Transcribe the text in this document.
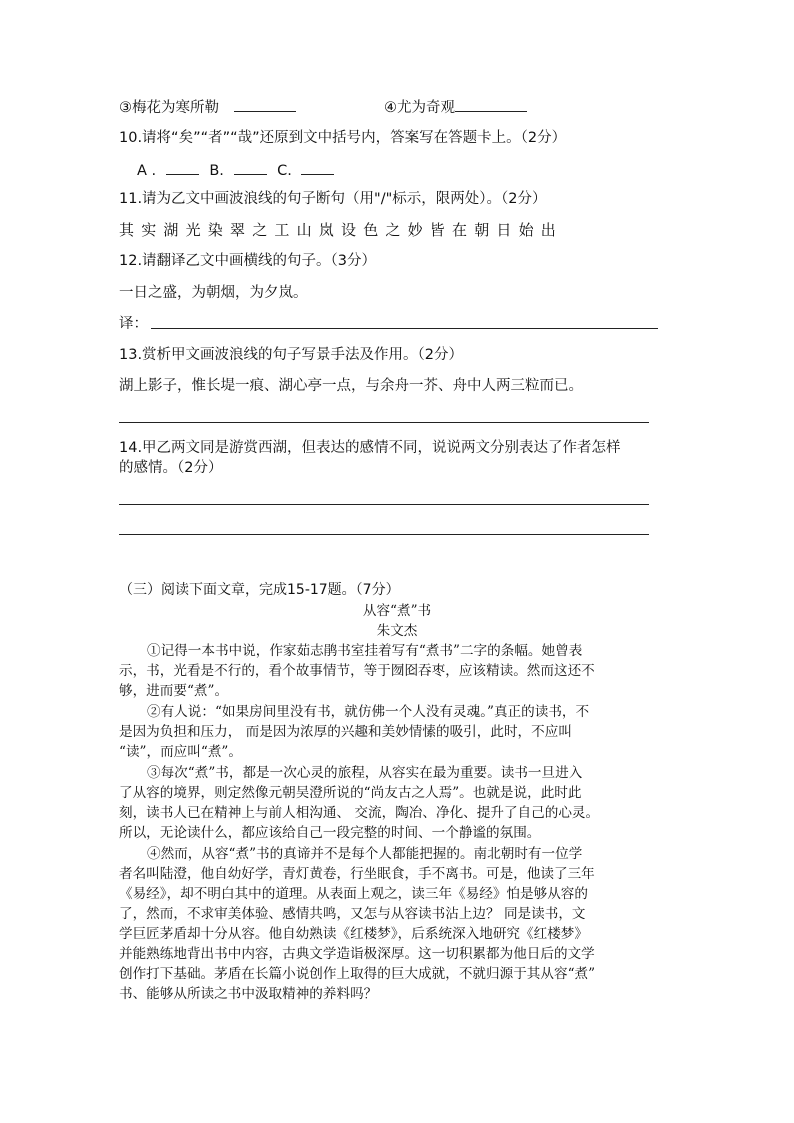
③梅花为寒所勒	④尤为奇观
10.请将“矣”“者”“哉”还原到文中括号内，答案写在答题卡上。（2分）
A .	B.	C.
11.请为乙文中画波浪线的句子断句（用"/"标示，限两处）。（2分）
其实湖光染翠之工山岚设色之妙皆在朝日始出
12.请翻译乙文中画横线的句子。（3分）
一日之盛，为朝烟，为夕岚。
译：
13.赏析甲文画波浪线的句子写景手法及作用。（2分）
湖上影子，惟长堤一痕、湖心亭一点，与余舟一芥、舟中人两三粒而已。
14.甲乙两文同是游赏西湖，但表达的感情不同，说说两文分别表达了作者怎样
的感情。（2分）
（三）阅读下面文章，完成15-17题。（7分）
从容“煮”书
朱文杰
①记得一本书中说，作家茹志鹃书室挂着写有“煮书”二字的条幅。她曾表
示，书，光看是不行的，看个故事情节，等于囫囵吞枣，应该精读。然而这还不
够，进而要“煮”。
②有人说：“如果房间里没有书，就仿佛一个人没有灵魂。”真正的读书，不
是因为负担和压力， 而是因为浓厚的兴趣和美妙情愫的吸引，此时，不应叫
“读”，而应叫“煮”。
③每次“煮”书，都是一次心灵的旅程，从容实在最为重要。读书一旦进入
了从容的境界，则定然像元朝吴澄所说的“尚友古之人焉”。也就是说，此时此
刻，读书人已在精神上与前人相沟通、 交流，陶冶、净化、提升了自己的心灵。
所以，无论读什么，都应该给自己一段完整的时间、一个静谧的氛围。
④然而，从容“煮”书的真谛并不是每个人都能把握的。南北朝时有一位学
者名叫陆澄，他自幼好学，青灯黄卷，行坐眠食，手不离书。可是，他读了三年
《易经》，却不明白其中的道理。从表面上观之，读三年《易经》怕是够从容的
了，然而，不求审美体验、感情共鸣，又怎与从容读书沾上边？ 同是读书，文
学巨匠茅盾却十分从容。他自幼熟读《红楼梦》，后系统深入地研究《红楼梦》
并能熟练地背出书中内容，古典文学造诣极深厚。这一切积累都为他日后的文学
创作打下基础。茅盾在长篇小说创作上取得的巨大成就，不就归源于其从容“煮”
书、能够从所读之书中汲取精神的养料吗？
